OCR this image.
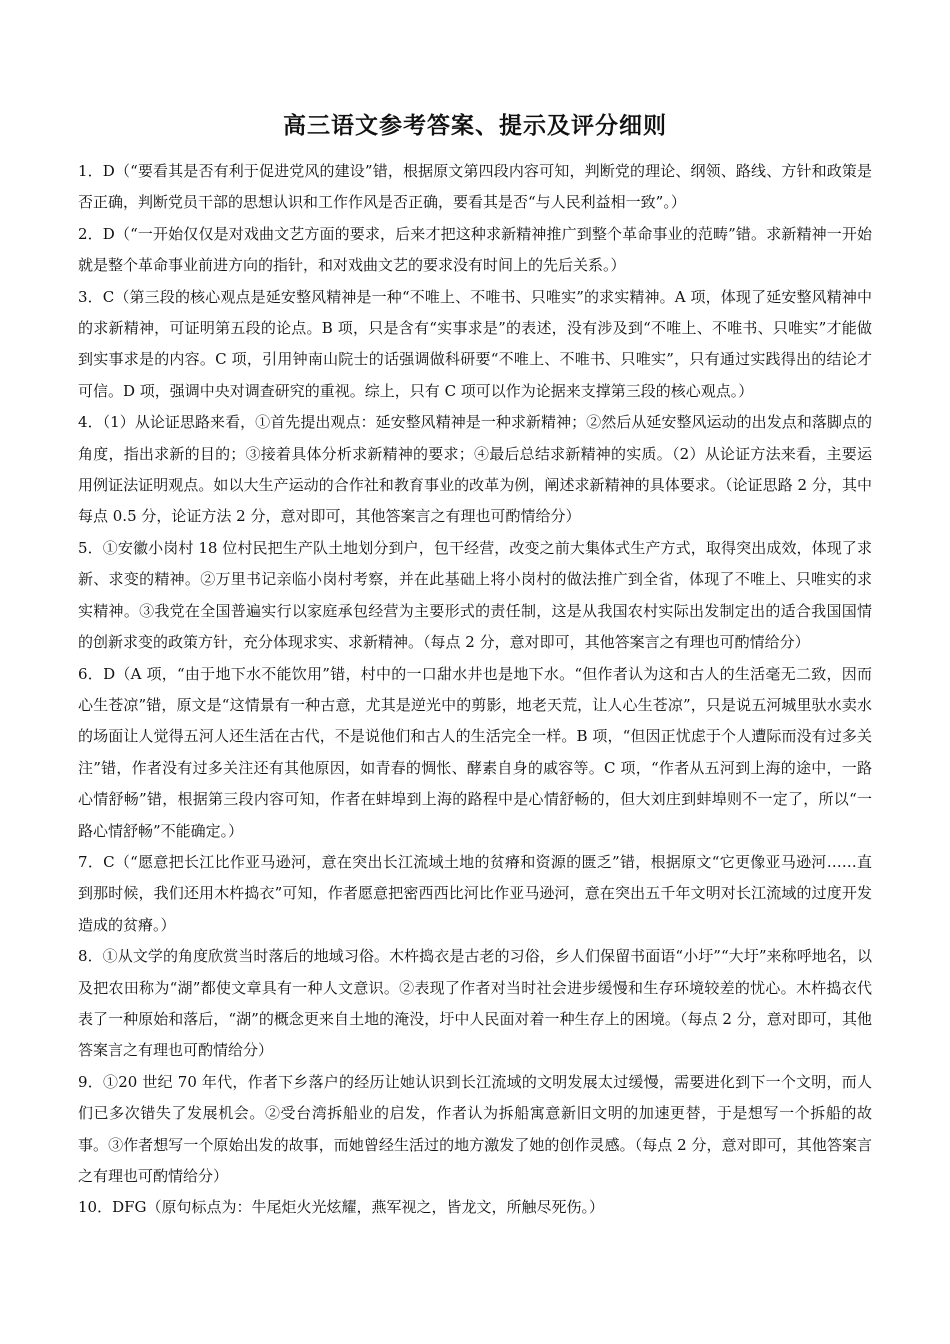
高三语文参考答案、提示及评分细则

1．D（“要看其是否有利于促进党风的建设”错，根据原文第四段内容可知，判断党的理论、纲领、路线、方针和政策是否正确，判断党员干部的思想认识和工作作风是否正确，要看其是否“与人民利益相一致”。）

2．D（“一开始仅仅是对戏曲文艺方面的要求，后来才把这种求新精神推广到整个革命事业的范畴”错。求新精神一开始就是整个革命事业前进方向的指针，和对戏曲文艺的要求没有时间上的先后关系。）

3．C（第三段的核心观点是延安整风精神是一种“不唯上、不唯书、只唯实”的求实精神。A 项，体现了延安整风精神中的求新精神，可证明第五段的论点。B 项，只是含有“实事求是”的表述，没有涉及到“不唯上、不唯书、只唯实”才能做到实事求是的内容。C 项，引用钟南山院士的话强调做科研要“不唯上、不唯书、只唯实”，只有通过实践得出的结论才可信。D 项，强调中央对调查研究的重视。综上，只有 C 项可以作为论据来支撑第三段的核心观点。）

4．（1）从论证思路来看，①首先提出观点：延安整风精神是一种求新精神；②然后从延安整风运动的出发点和落脚点的角度，指出求新的目的；③接着具体分析求新精神的要求；④最后总结求新精神的实质。（2）从论证方法来看，主要运用例证法证明观点。如以大生产运动的合作社和教育事业的改革为例，阐述求新精神的具体要求。（论证思路 2 分，其中每点 0.5 分，论证方法 2 分，意对即可，其他答案言之有理也可酌情给分）

5．①安徽小岗村 18 位村民把生产队土地划分到户，包干经营，改变之前大集体式生产方式，取得突出成效，体现了求新、求变的精神。②万里书记亲临小岗村考察，并在此基础上将小岗村的做法推广到全省，体现了不唯上、只唯实的求实精神。③我党在全国普遍实行以家庭承包经营为主要形式的责任制，这是从我国农村实际出发制定出的适合我国国情的创新求变的政策方针，充分体现求实、求新精神。（每点 2 分，意对即可，其他答案言之有理也可酌情给分）

6．D（A 项，“由于地下水不能饮用”错，村中的一口甜水井也是地下水。“但作者认为这和古人的生活毫无二致，因而心生苍凉”错，原文是“这情景有一种古意，尤其是逆光中的剪影，地老天荒，让人心生苍凉”，只是说五河城里驮水卖水的场面让人觉得五河人还生活在古代，不是说他们和古人的生活完全一样。B 项，“但因正忧虑于个人遭际而没有过多关注”错，作者没有过多关注还有其他原因，如青春的惆怅、酵素自身的戚容等。C 项，“作者从五河到上海的途中，一路心情舒畅”错，根据第三段内容可知，作者在蚌埠到上海的路程中是心情舒畅的，但大刘庄到蚌埠则不一定了，所以“一路心情舒畅”不能确定。）

7．C（“愿意把长江比作亚马逊河，意在突出长江流域土地的贫瘠和资源的匮乏”错，根据原文“它更像亚马逊河……直到那时候，我们还用木杵捣衣”可知，作者愿意把密西西比河比作亚马逊河，意在突出五千年文明对长江流域的过度开发造成的贫瘠。）

8．①从文学的角度欣赏当时落后的地域习俗。木杵捣衣是古老的习俗，乡人们保留书面语“小圩”“大圩”来称呼地名，以及把农田称为“湖”都使文章具有一种人文意识。②表现了作者对当时社会进步缓慢和生存环境较差的忧心。木杵捣衣代表了一种原始和落后，“湖”的概念更来自土地的淹没，圩中人民面对着一种生存上的困境。（每点 2 分，意对即可，其他答案言之有理也可酌情给分）

9．①20 世纪 70 年代，作者下乡落户的经历让她认识到长江流域的文明发展太过缓慢，需要进化到下一个文明，而人们已多次错失了发展机会。②受台湾拆船业的启发，作者认为拆船寓意新旧文明的加速更替，于是想写一个拆船的故事。③作者想写一个原始出发的故事，而她曾经生活过的地方激发了她的创作灵感。（每点 2 分，意对即可，其他答案言之有理也可酌情给分）

10．DFG（原句标点为：牛尾炬火光炫耀，燕军视之，皆龙文，所触尽死伤。）
